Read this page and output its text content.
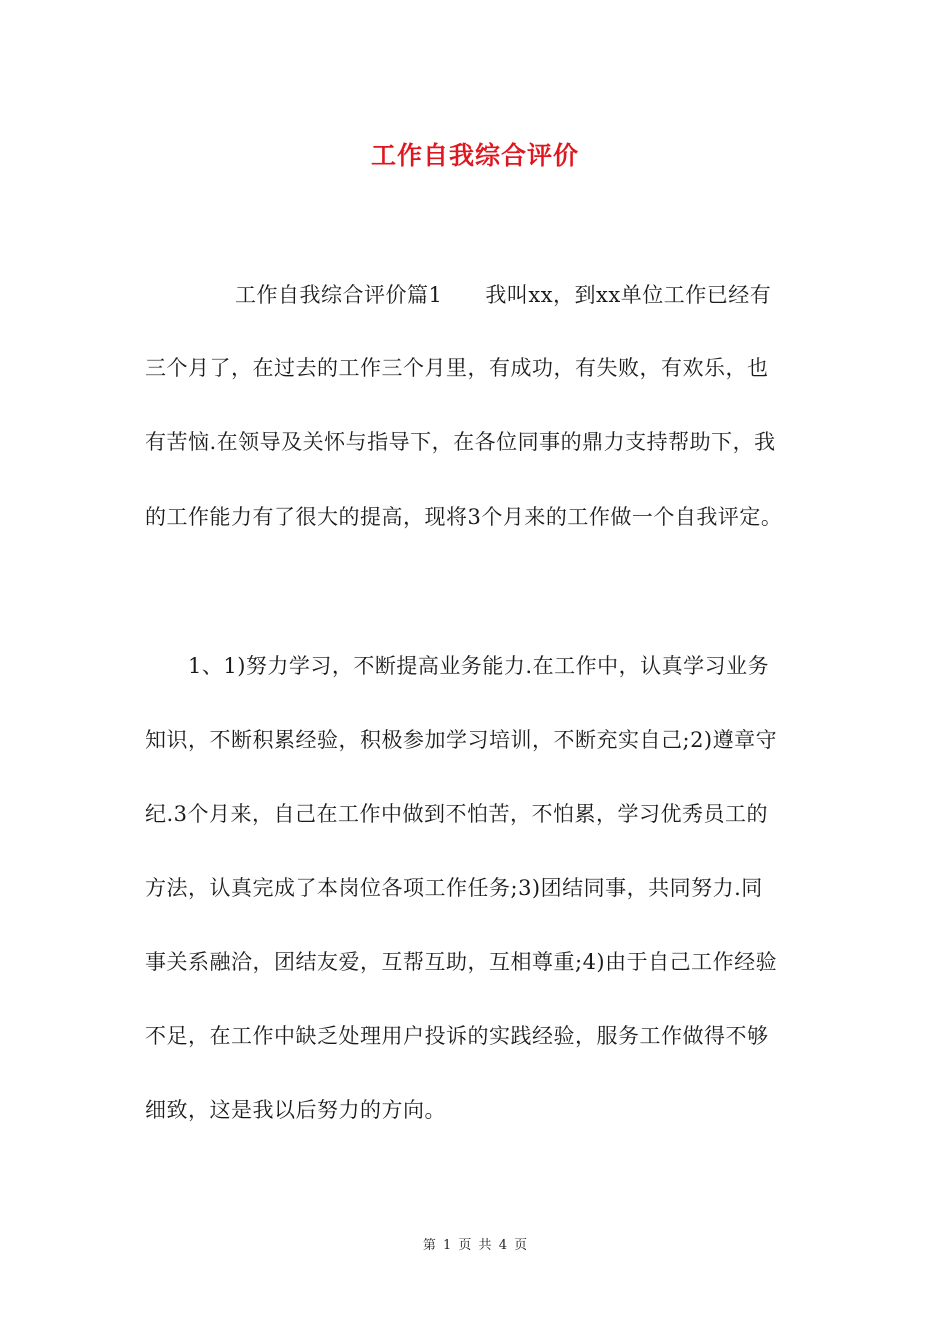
工作自我综合评价
工作自我综合评价篇1　　我叫xx，到xx单位工作已经有
三个月了，在过去的工作三个月里，有成功，有失败，有欢乐，也
有苦恼.在领导及关怀与指导下，在各位同事的鼎力支持帮助下，我
的工作能力有了很大的提高，现将3个月来的工作做一个自我评定。
1、1)努力学习，不断提高业务能力.在工作中，认真学习业务
知识，不断积累经验，积极参加学习培训，不断充实自己;2)遵章守
纪.3个月来，自己在工作中做到不怕苦，不怕累，学习优秀员工的
方法，认真完成了本岗位各项工作任务;3)团结同事，共同努力.同
事关系融洽，团结友爱，互帮互助，互相尊重;4)由于自己工作经验
不足，在工作中缺乏处理用户投诉的实践经验，服务工作做得不够
细致，这是我以后努力的方向。
第 1 页 共 4 页
